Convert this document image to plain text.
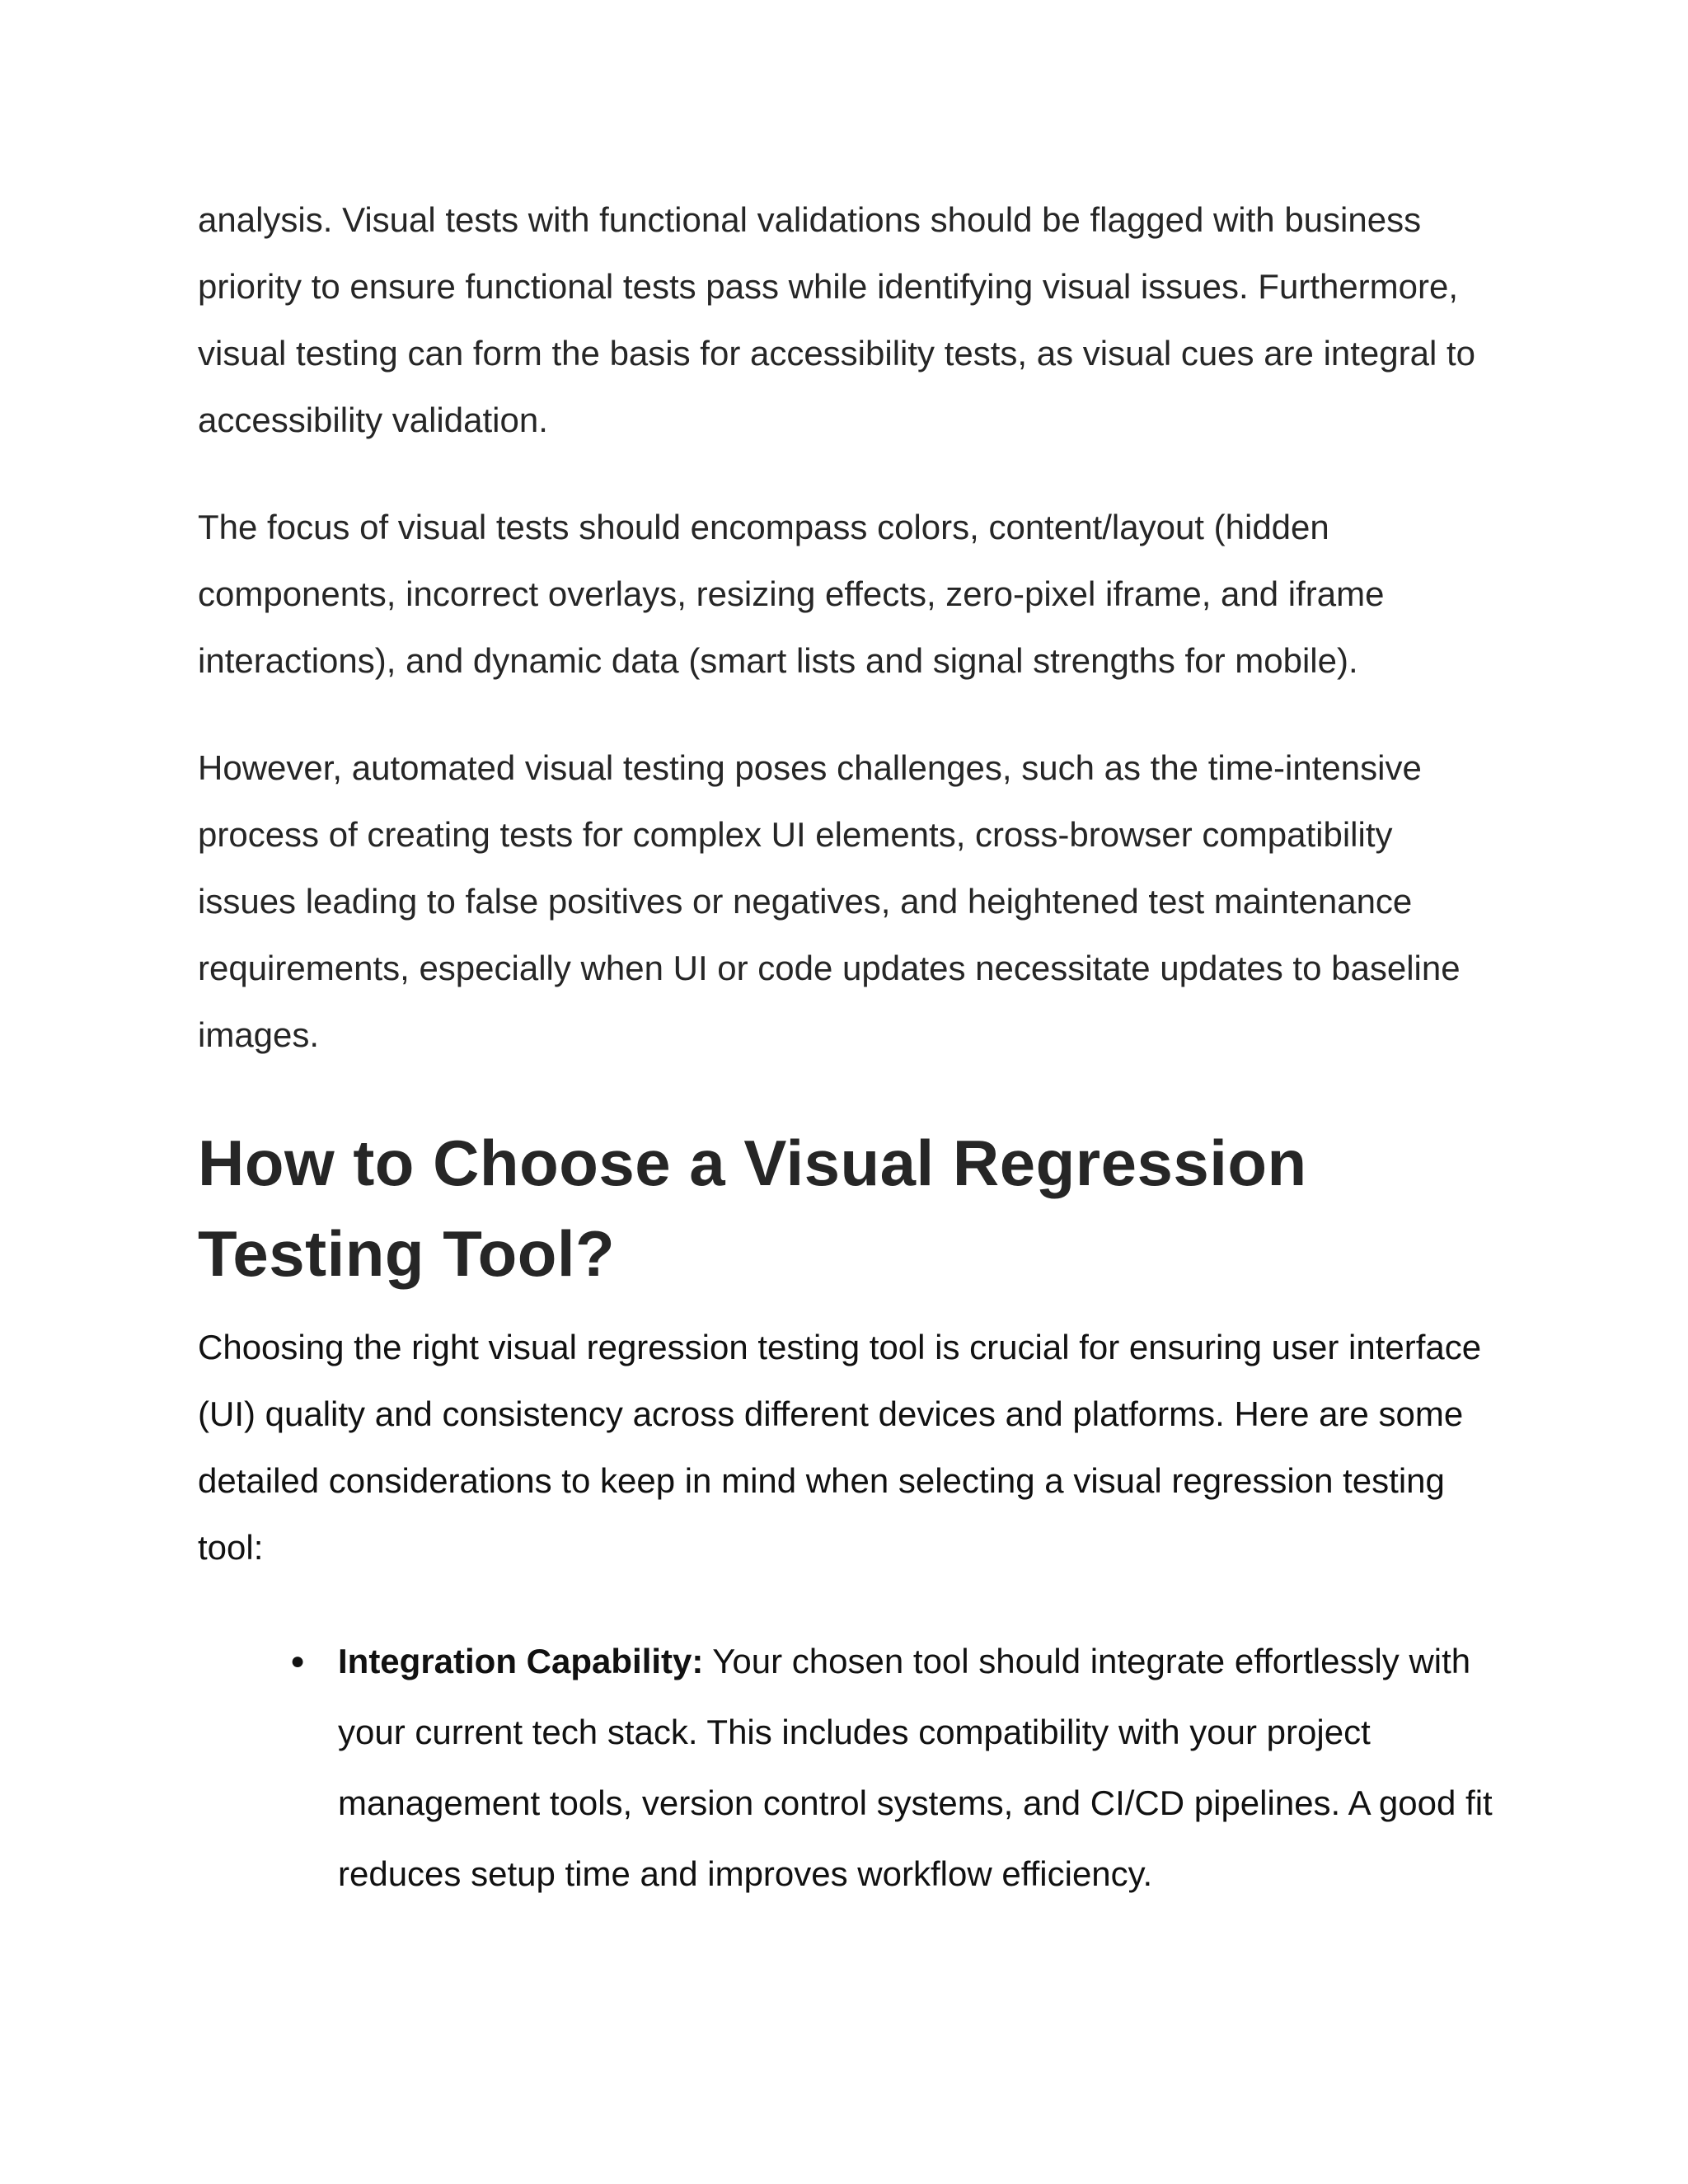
analysis. Visual tests with functional validations should be flagged with business priority to ensure functional tests pass while identifying visual issues. Furthermore, visual testing can form the basis for accessibility tests, as visual cues are integral to accessibility validation.

The focus of visual tests should encompass colors, content/layout (hidden components, incorrect overlays, resizing effects, zero-pixel iframe, and iframe interactions), and dynamic data (smart lists and signal strengths for mobile).

However, automated visual testing poses challenges, such as the time-intensive process of creating tests for complex UI elements, cross-browser compatibility issues leading to false positives or negatives, and heightened test maintenance requirements, especially when UI or code updates necessitate updates to baseline images.

How to Choose a Visual Regression Testing Tool?

Choosing the right visual regression testing tool is crucial for ensuring user interface (UI) quality and consistency across different devices and platforms. Here are some detailed considerations to keep in mind when selecting a visual regression testing tool:

● Integration Capability: Your chosen tool should integrate effortlessly with your current tech stack. This includes compatibility with your project management tools, version control systems, and CI/CD pipelines. A good fit reduces setup time and improves workflow efficiency.
